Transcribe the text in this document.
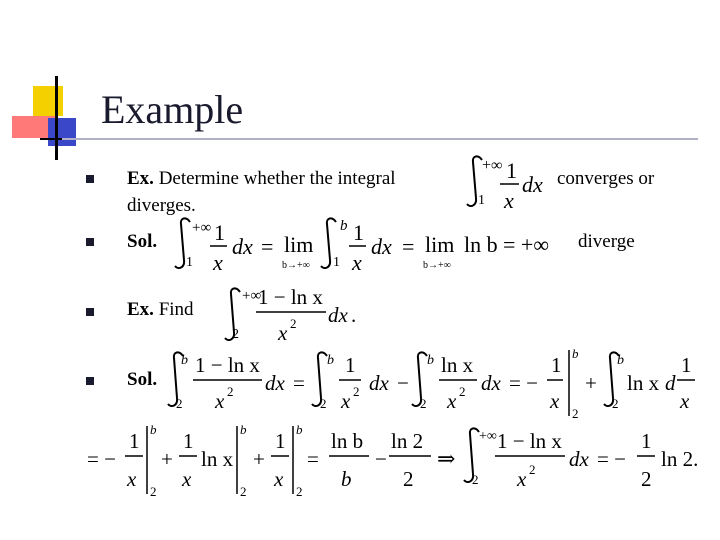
Example
Ex. Determine whether the integral
+∞
1
1
x
dx converges or
diverges.
Sol.
+∞
1
1
x
dx = lim
b→+∞
b
1
1
x
dx = lim
b→+∞
ln b = +∞ diverge
Ex. Find
+∞
2
1 − ln x
x 2 dx .
Sol.
b
2
1 − ln x
x 2 dx =
b
2
1
x 2 dx −
b
2
ln x
x 2 dx = −
1
x
b
2
+
b
2
ln x d
1
x
= −
1
x
b
2
+
1
x
ln x
b
2
+
1
x
b
2
=
ln b
b
−
ln 2
2
⇒
+∞
2
1 − ln x
x 2 dx = −
1
2
ln 2.
